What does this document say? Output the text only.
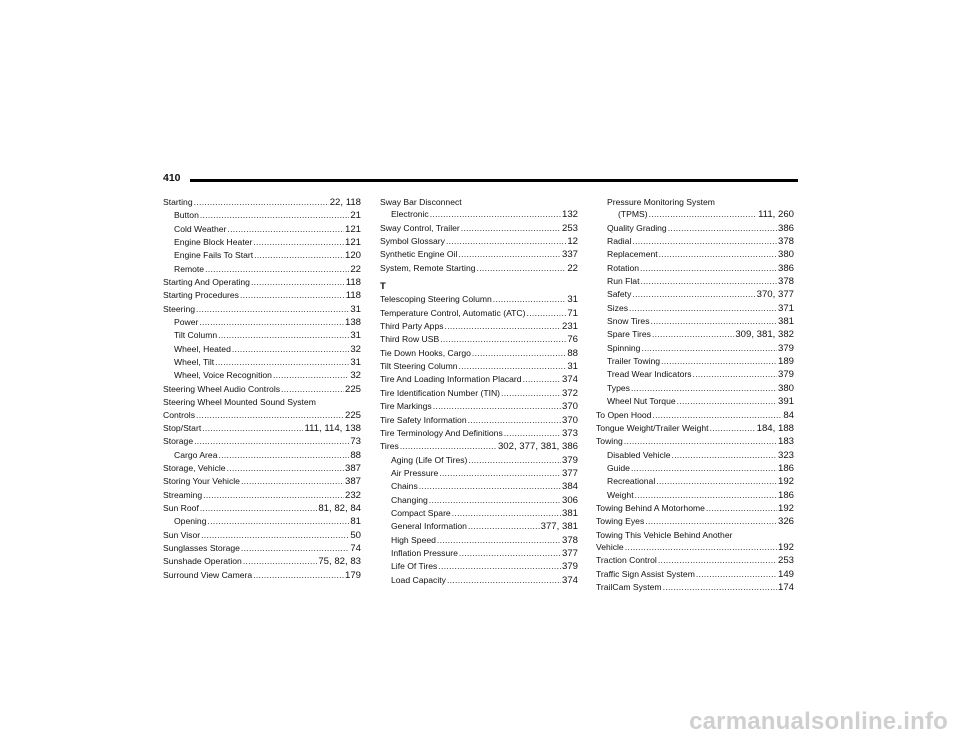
410
Starting .....	22, 118
Button .....	21
Cold Weather .....	121
Engine Block Heater .....	121
Engine Fails To Start .....	120
Remote .....	22
Starting And Operating .....	118
Starting Procedures .....	118
Steering .....	31
Power .....	138
Tilt Column .....	31
Wheel, Heated .....	32
Wheel, Tilt .....	31
Wheel, Voice Recognition .....	32
Steering Wheel Audio Controls .....	225
Steering Wheel Mounted Sound System
Controls .....	225
Stop/Start .....	111, 114, 138
Storage .....	73
Cargo Area .....	88
Storage, Vehicle .....	387
Storing Your Vehicle .....	387
Streaming .....	232
Sun Roof .....	81, 82, 84
Opening .....	81
Sun Visor .....	50
Sunglasses Storage .....	74
Sunshade Operation .....	75, 82, 83
Surround View Camera .....	179
Sway Bar Disconnect
Electronic .....	132
Sway Control, Trailer .....	253
Symbol Glossary .....	12
Synthetic Engine Oil .....	337
System, Remote Starting .....	22
T
Telescoping Steering Column .....	31
Temperature Control, Automatic (ATC) .....	71
Third Party Apps .....	231
Third Row USB .....	76
Tie Down Hooks, Cargo .....	88
Tilt Steering Column .....	31
Tire And Loading Information Placard .....	374
Tire Identification Number (TIN) .....	372
Tire Markings .....	370
Tire Safety Information .....	370
Tire Terminology And Definitions .....	373
Tires .....	302, 377, 381, 386
Aging (Life Of Tires) .....	379
Air Pressure .....	377
Chains .....	384
Changing .....	306
Compact Spare .....	381
General Information .....	377, 381
High Speed .....	378
Inflation Pressure .....	377
Life Of Tires .....	379
Load Capacity .....	374
Pressure Monitoring System
(TPMS) .....	111, 260
Quality Grading .....	386
Radial .....	378
Replacement .....	380
Rotation .....	386
Run Flat .....	378
Safety .....	370, 377
Sizes .....	371
Snow Tires .....	381
Spare Tires .....	309, 381, 382
Spinning .....	379
Trailer Towing .....	189
Tread Wear Indicators .....	379
Types .....	380
Wheel Nut Torque .....	391
To Open Hood .....	84
Tongue Weight/Trailer Weight .....	184, 188
Towing .....	183
Disabled Vehicle .....	323
Guide .....	186
Recreational .....	192
Weight .....	186
Towing Behind A Motorhome .....	192
Towing Eyes .....	326
Towing This Vehicle Behind Another
Vehicle .....	192
Traction Control .....	253
Traffic Sign Assist System .....	149
TrailCam System .....	174
carmanualsonline.info
